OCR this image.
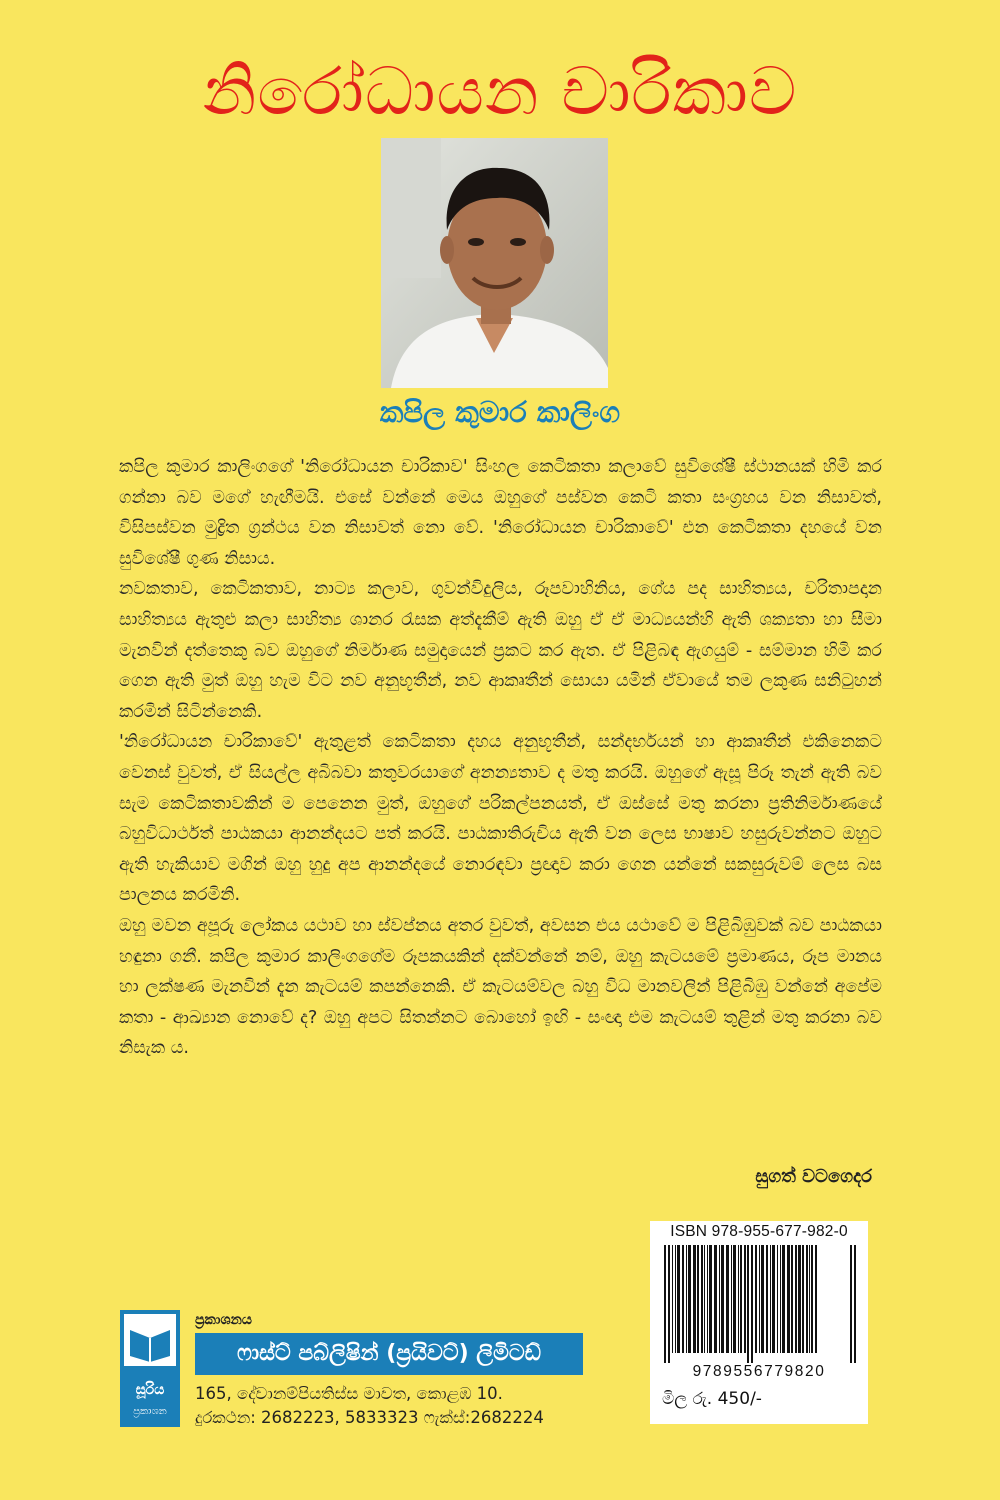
නිරෝධායන චාරිකාව
කපිල කුමාර කාලිංග

කපිල කුමාර කාලිංගගේ 'නිරෝධායන චාරිකාව' සිංහල කෙටිකතා කලාවේ සුවිශේෂී ස්ථානයක් හිමි කර ගන්නා බව මගේ හැඟීමයි. එසේ වන්නේ මෙය ඔහුගේ පස්වන කෙටි කතා සංග්‍රහය වන නිසාවත්, විසිපස්වන මුද්‍රිත ග්‍රන්ථය වන නිසාවත් නො වේ. 'නිරෝධායන චාරිකාවේ' එන කෙටිකතා දහයේ වන සුවිශේෂී ගුණ නිසාය.

නවකතාව, කෙටිකතාව, නාට්‍ය කලාව, ගුවන්විදුලිය, රූපවාහිනිය, ගේය පද සාහිත්‍යය, චරිතාපදාන සාහිත්‍යය ඇතුළු කලා සාහිත්‍ය ශානර රැසක අත්දැකීම් ඇති ඔහු ඒ ඒ මාධ්‍යයන්හි ඇති ශක්‍යතා හා සීමා මැනවින් දත්තෙකු බව ඔහුගේ නිර්මාණ සමුදායෙන් ප්‍රකට කර ඇත. ඒ පිළිබඳ ඇගයුම් - සම්මාන හිමි කර ගෙන ඇති මුත් ඔහු හැම විට නව අනුභූතීන්, නව ආකෘතීන් සොයා යමින් ඒවායේ තම ලකුණ සනිටුහන් කරමින් සිටින්නෙකි.

'නිරෝධායන චාරිකාවේ' ඇතුළත් කෙටිකතා දහය අනුභූතීන්, සන්දර්භයන් හා ආකෘතීන් එකිනෙකට වෙනස් වුවත්, ඒ සියල්ල අබිබවා කතුවරයාගේ අනන්‍යතාව ද මතු කරයි. ඔහුගේ ඇසූ පිරූ තැන් ඇති බව සැම කෙටිකතාවකින් ම පෙනෙන මුත්, ඔහුගේ පරිකල්පනයත්, ඒ ඔස්සේ මතු කරනා ප්‍රතිනිර්මාණයේ බහුවිධාර්ථත් පාඨකයා ආනන්දයට පත් කරයි. පාඨකාතිරුචිය ඇති වන ලෙස භාෂාව හසුරුවන්නට ඔහුට ඇති හැකියාව මගින් ඔහු හුදු අප ආනන්දයේ නොරඳවා ප්‍රඥාව කරා ගෙන යන්නේ සකසුරුවම් ලෙස බස පාලනය කරමිනි.

ඔහු මවන අපූරු ලෝකය යථාව හා ස්වප්නය අතර වුවත්, අවසන එය යථාවේ ම පිළිබිඹුවක් බව පාඨකයා හඳුනා ගනී. කපිල කුමාර කාලිංගගේම රූපකයකින් දක්වන්නේ නම්, ඔහු කැටයමේ ප්‍රමාණය, රූප මානය හා ලක්ෂණ මැනවින් දැන කැටයම් කපන්නෙකි. ඒ කැටයම්වල බහු විධ මානවලින් පිළිබිඹු වන්නේ අපේම කතා - ආඛ්‍යාන නොවේ ද? ඔහු අපට සිතන්නට බොහෝ ඉඟි - සංඥා එම කැටයම් තුළින් මතු කරනා බව නිසැක ය.

සුගත් වටගෙදර
ISBN 978-955-677-982-0
9789556779820
මිල රු. 450/-
සූරිය
ප්‍රකාශන
ප්‍රකාශනය
ෆාස්ට් පබ්ලිෂින් (ප්‍රයිවට්) ලිමිටඩ්
165, දේවානම්පියතිස්ස මාවත, කොළඹ 10.
දුරකථන: 2682223, 5833323 ෆැක්ස්:2682224
